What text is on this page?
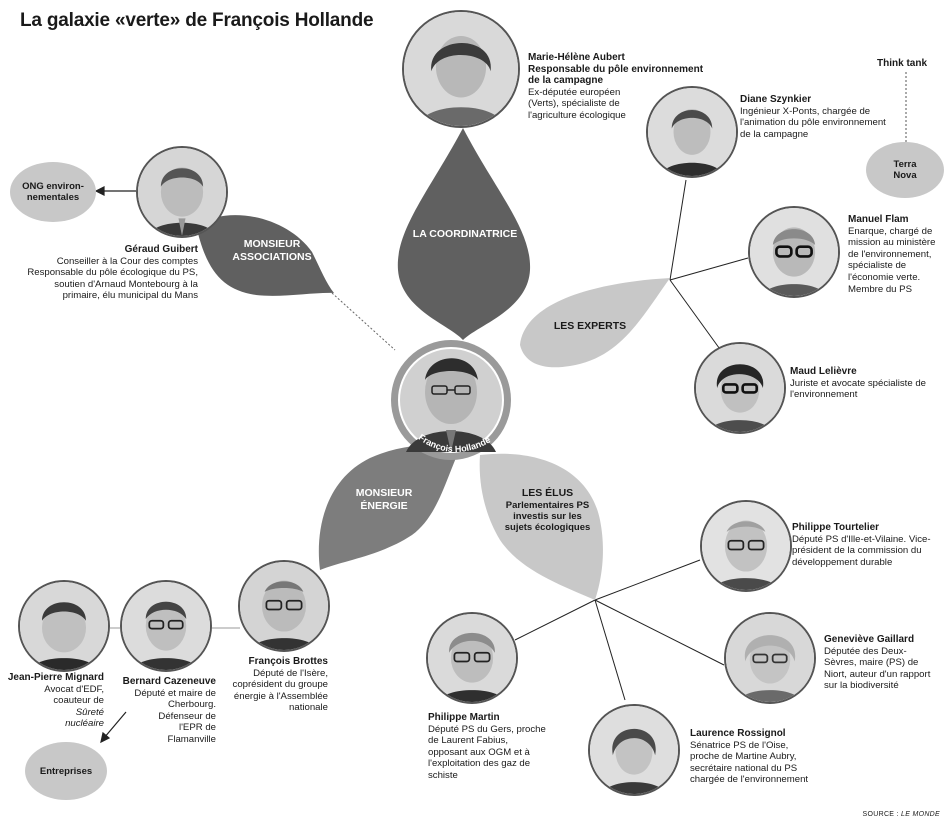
La galaxie «verte» de François Hollande
François Hollande
LA COORDINATRICE
MONSIEUR ASSOCIATIONS
LES EXPERTS
MONSIEUR ÉNERGIE
LES ÉLUS
Parlementaires PS investis sur les sujets écologiques
Marie-Hélène Aubert
Responsable du pôle environnement de la campagne
Ex-députée européen (Verts), spécialiste de l'agriculture écologique
Diane Szynkier
Ingénieur X-Ponts, chargée de l'animation du pôle environnement de la campagne
Manuel Flam
Enarque, chargé de mission au ministère de l'environnement, spécialiste de l'économie verte. Membre du PS
Maud Lelièvre
Juriste et avocate spécialiste de l'environnement
Géraud Guibert
Conseiller à la Cour des comptes Responsable du pôle écologique du PS, soutien d'Arnaud Montebourg à la primaire, élu municipal du Mans
Philippe Tourtelier
Député PS d'Ille-et-Vilaine. Vice-président de la commission du développement durable
Geneviève Gaillard
Députée des Deux-Sèvres, maire (PS) de Niort, auteur d'un rapport sur la biodiversité
Laurence Rossignol
Sénatrice PS de l'Oise, proche de Martine Aubry, secrétaire national du PS chargée de l'environnement
Philippe Martin
Député PS du Gers, proche de Laurent Fabius, opposant aux OGM et à l'exploitation des gaz de schiste
François Brottes
Député de l'Isère, coprésident du groupe énergie à l'Assemblée nationale
Bernard Cazeneuve
Député et maire de Cherbourg. Défenseur de l'EPR de Flamanville
Jean-Pierre Mignard
Avocat d'EDF, coauteur de Sûreté nucléaire
ONG environ-nementales
Terra Nova
Entreprises
Think tank
SOURCE : LE MONDE
